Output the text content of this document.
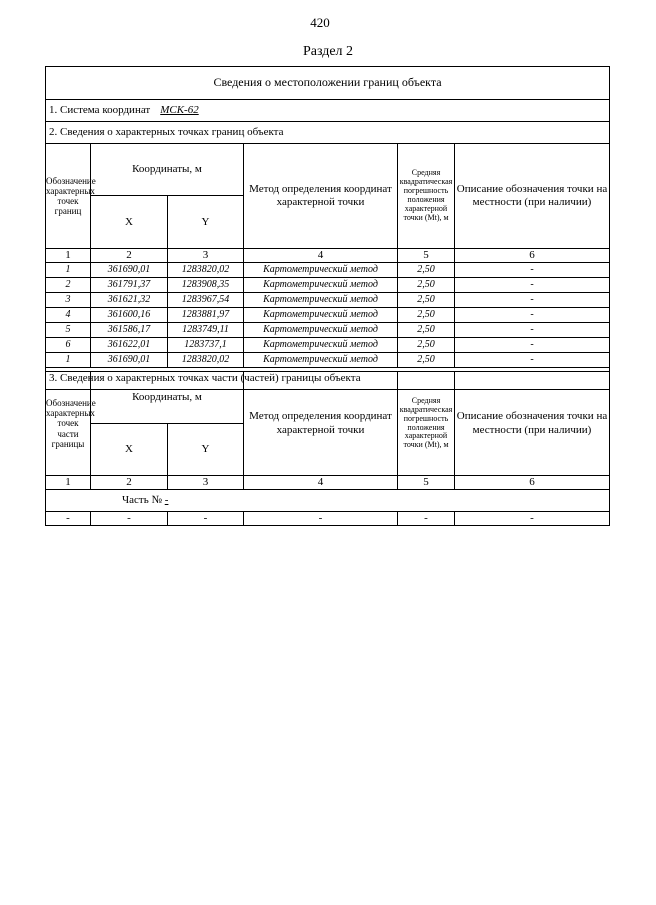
420
Раздел 2
Сведения о местоположении границ объекта					
1. Система координат МСК-62					
2. Сведения о характерных точках границ объекта					
Обозначение характерных точек границ	Координаты, м		Метод определения координат характерной точки	Средняя квадратическая погрешность положения характерной точки (Mt), м	Описание обозначения точки на местности (при наличии)
	X	Y			
1	2	3	4	5	6
1	361690,01	1283820,02	Картометрический метод	2,50	-
2	361791,37	1283908,35	Картометрический метод	2,50	-
3	361621,32	1283967,54	Картометрический метод	2,50	-
4	361600,16	1283881,97	Картометрический метод	2,50	-
5	361586,17	1283749,11	Картометрический метод	2,50	-
6	361622,01	1283737,1	Картометрический метод	2,50	-
1	361690,01	1283820,02	Картометрический метод	2,50	-
3. Сведения о характерных точках части (частей) границы объекта					
Обозначение характерных точек части границы	Координаты, м		Метод определения координат характерной точки	Средняя квадратическая погрешность положения характерной точки (Mt), м	Описание обозначения точки на местности (при наличии)
	X	Y			
1	2	3	4	5	6
Часть № -					
-	-	-	-	-	-
